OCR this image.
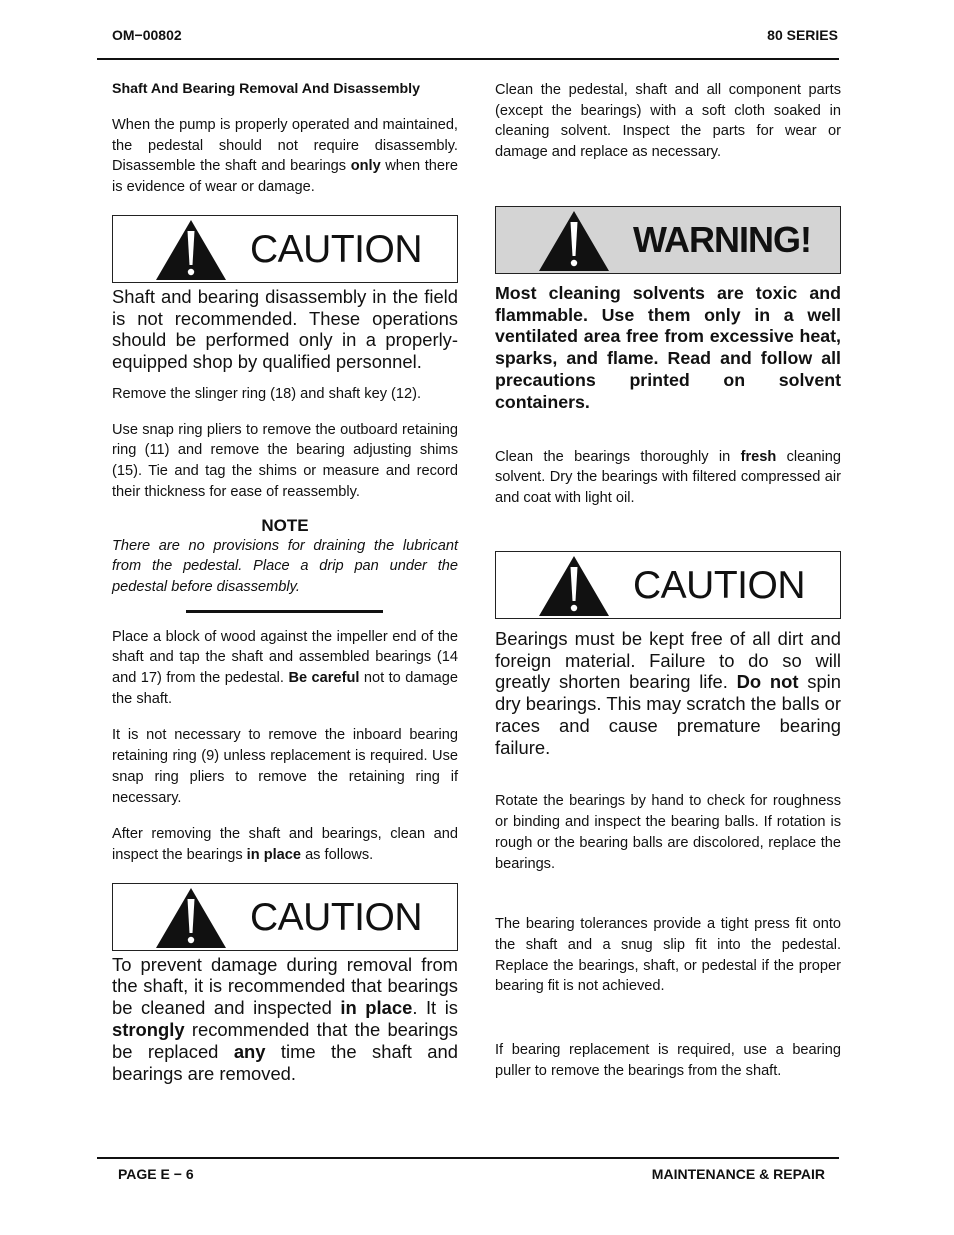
OM−00802	80 SERIES
Shaft And Bearing Removal And Disassembly

When the pump is properly operated and maintained, the pedestal should not require disassembly. Disassemble the shaft and bearings only when there is evidence of wear or damage.

CAUTION

Shaft and bearing disassembly in the field is not recommended. These operations should be performed only in a properly-equipped shop by qualified personnel.

Remove the slinger ring (18) and shaft key (12).

Use snap ring pliers to remove the outboard retaining ring (11) and remove the bearing adjusting shims (15). Tie and tag the shims or measure and record their thickness for ease of reassembly.

NOTE

There are no provisions for draining the lubricant from the pedestal. Place a drip pan under the pedestal before disassembly.

Place a block of wood against the impeller end of the shaft and tap the shaft and assembled bearings (14 and 17) from the pedestal. Be careful not to damage the shaft.

It is not necessary to remove the inboard bearing retaining ring (9) unless replacement is required. Use snap ring pliers to remove the retaining ring if necessary.

After removing the shaft and bearings, clean and inspect the bearings in place as follows.

CAUTION

To prevent damage during removal from the shaft, it is recommended that bearings be cleaned and inspected in place. It is strongly recommended that the bearings be replaced any time the shaft and bearings are removed.

Clean the pedestal, shaft and all component parts (except the bearings) with a soft cloth soaked in cleaning solvent. Inspect the parts for wear or damage and replace as necessary.

WARNING!

Most cleaning solvents are toxic and flammable. Use them only in a well ventilated area free from excessive heat, sparks, and flame. Read and follow all precautions printed on solvent containers.

Clean the bearings thoroughly in fresh cleaning solvent. Dry the bearings with filtered compressed air and coat with light oil.

CAUTION

Bearings must be kept free of all dirt and foreign material. Failure to do so will greatly shorten bearing life. Do not spin dry bearings. This may scratch the balls or races and cause premature bearing failure.

Rotate the bearings by hand to check for roughness or binding and inspect the bearing balls. If rotation is rough or the bearing balls are discolored, replace the bearings.

The bearing tolerances provide a tight press fit onto the shaft and a snug slip fit into the pedestal. Replace the bearings, shaft, or pedestal if the proper bearing fit is not achieved.

If bearing replacement is required, use a bearing puller to remove the bearings from the shaft.

PAGE E − 6	MAINTENANCE & REPAIR
